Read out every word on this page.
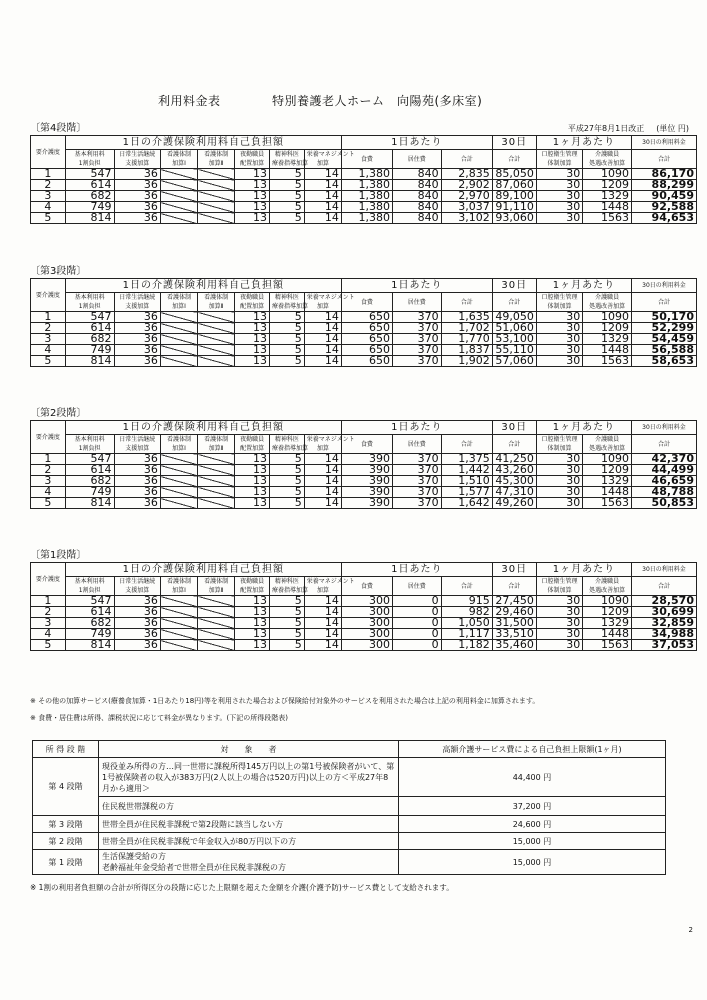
利用料金表	特別養護老人ホーム　向陽苑(多床室)
〔第4段階〕	平成27年8月1日改正 (単位 円)
要介護度	1日の介護保険利用料自己負担額							1日あたり			30日	1ヶ月あたり		30日の利用料金
	基本利用料	日常生活継続	看護体制	看護体制	夜勤職員	精神科医	栄養マネジメント	食費	居住費	合計	合計	口腔衛生管理	介護職員	合計
	1割負担	支援加算	加算Ⅰ	加算Ⅱ	配置加算	療養指導加算	加算					体制加算	処遇改善加算	
1	547	36			13	5	14	1,380	840	2,835	85,050	30	1090	86,170
2	614	36			13	5	14	1,380	840	2,902	87,060	30	1209	88,299
3	682	36			13	5	14	1,380	840	2,970	89,100	30	1329	90,459
4	749	36			13	5	14	1,380	840	3,037	91,110	30	1448	92,588
5	814	36			13	5	14	1,380	840	3,102	93,060	30	1563	94,653
〔第3段階〕
要介護度	1日の介護保険利用料自己負担額							1日あたり			30日	1ヶ月あたり		30日の利用料金
	基本利用料	日常生活継続	看護体制	看護体制	夜勤職員	精神科医	栄養マネジメント	食費	居住費	合計	合計	口腔衛生管理	介護職員	合計
	1割負担	支援加算	加算Ⅰ	加算Ⅱ	配置加算	療養指導加算	加算					体制加算	処遇改善加算	
1	547	36			13	5	14	650	370	1,635	49,050	30	1090	50,170
2	614	36			13	5	14	650	370	1,702	51,060	30	1209	52,299
3	682	36			13	5	14	650	370	1,770	53,100	30	1329	54,459
4	749	36			13	5	14	650	370	1,837	55,110	30	1448	56,588
5	814	36			13	5	14	650	370	1,902	57,060	30	1563	58,653
〔第2段階〕
要介護度	1日の介護保険利用料自己負担額							1日あたり			30日	1ヶ月あたり		30日の利用料金
	基本利用料	日常生活継続	看護体制	看護体制	夜勤職員	精神科医	栄養マネジメント	食費	居住費	合計	合計	口腔衛生管理	介護職員	合計
	1割負担	支援加算	加算Ⅰ	加算Ⅱ	配置加算	療養指導加算	加算					体制加算	処遇改善加算	
1	547	36			13	5	14	390	370	1,375	41,250	30	1090	42,370
2	614	36			13	5	14	390	370	1,442	43,260	30	1209	44,499
3	682	36			13	5	14	390	370	1,510	45,300	30	1329	46,659
4	749	36			13	5	14	390	370	1,577	47,310	30	1448	48,788
5	814	36			13	5	14	390	370	1,642	49,260	30	1563	50,853
〔第1段階〕
要介護度	1日の介護保険利用料自己負担額							1日あたり			30日	1ヶ月あたり		30日の利用料金
	基本利用料	日常生活継続	看護体制	看護体制	夜勤職員	精神科医	栄養マネジメント	食費	居住費	合計	合計	口腔衛生管理	介護職員	合計
	1割負担	支援加算	加算Ⅰ	加算Ⅱ	配置加算	療養指導加算	加算					体制加算	処遇改善加算	
1	547	36			13	5	14	300	0	915	27,450	30	1090	28,570
2	614	36			13	5	14	300	0	982	29,460	30	1209	30,699
3	682	36			13	5	14	300	0	1,050	31,500	30	1329	32,859
4	749	36			13	5	14	300	0	1,117	33,510	30	1448	34,988
5	814	36			13	5	14	300	0	1,182	35,460	30	1563	37,053
※ その他の加算サービス(療養食加算・1日あたり18円)等を利用された場合および保険給付対象外のサービスを利用された場合は上記の利用料金に加算されます。
※ 食費・居住費は所得、課税状況に応じて料金が異なります。(下記の所得段階表)
所 得 段 階	対　　象　　者	高額介護サービス費による自己負担上限額(1ヶ月)
第 4 段階	現役並み所得の方…同一世帯に課税所得145万円以上の第1号被保険者がいて、第1号被保険者の収入が383万円(2人以上の場合は520万円)以上の方＜平成27年8月から適用＞	44,400 円
	住民税世帯課税の方	37,200 円
第 3 段階	世帯全員が住民税非課税で第2段階に該当しない方	24,600 円
第 2 段階	世帯全員が住民税非課税で年金収入が80万円以下の方	15,000 円
第 1 段階	生活保護受給の方
老齢福祉年金受給者で世帯全員が住民税非課税の方	15,000 円
※ 1割の利用者負担額の合計が所得区分の段階に応じた上限額を超えた金額を介護(介護予防)サービス費として支給されます。
2
